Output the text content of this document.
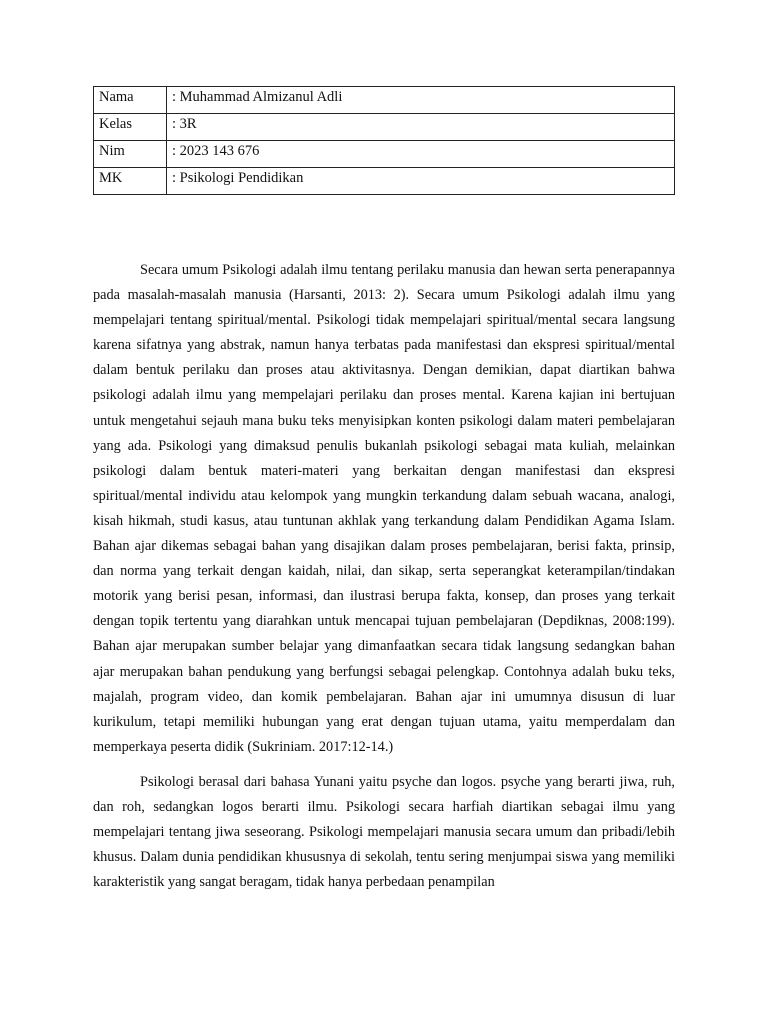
Nama	: Muhammad Almizanul Adli
Kelas	: 3R
Nim	: 2023 143 676
MK	: Psikologi Pendidikan

Secara umum Psikologi adalah ilmu tentang perilaku manusia dan hewan serta penerapannya pada masalah-masalah manusia (Harsanti, 2013: 2). Secara umum Psikologi adalah ilmu yang mempelajari tentang spiritual/mental. Psikologi tidak mempelajari spiritual/mental secara langsung karena sifatnya yang abstrak, namun hanya terbatas pada manifestasi dan ekspresi spiritual/mental dalam bentuk perilaku dan proses atau aktivitasnya. Dengan demikian, dapat diartikan bahwa psikologi adalah ilmu yang mempelajari perilaku dan proses mental. Karena kajian ini bertujuan untuk mengetahui sejauh mana buku teks menyisipkan konten psikologi dalam materi pembelajaran yang ada. Psikologi yang dimaksud penulis bukanlah psikologi sebagai mata kuliah, melainkan psikologi dalam bentuk materi-materi yang berkaitan dengan manifestasi dan ekspresi spiritual/mental individu atau kelompok yang mungkin terkandung dalam sebuah wacana, analogi, kisah hikmah, studi kasus, atau tuntunan akhlak yang terkandung dalam Pendidikan Agama Islam. Bahan ajar dikemas sebagai bahan yang disajikan dalam proses pembelajaran, berisi fakta, prinsip, dan norma yang terkait dengan kaidah, nilai, dan sikap, serta seperangkat keterampilan/tindakan motorik yang berisi pesan, informasi, dan ilustrasi berupa fakta, konsep, dan proses yang terkait dengan topik tertentu yang diarahkan untuk mencapai tujuan pembelajaran (Depdiknas, 2008:199). Bahan ajar merupakan sumber belajar yang dimanfaatkan secara tidak langsung sedangkan bahan ajar merupakan bahan pendukung yang berfungsi sebagai pelengkap. Contohnya adalah buku teks, majalah, program video, dan komik pembelajaran. Bahan ajar ini umumnya disusun di luar kurikulum, tetapi memiliki hubungan yang erat dengan tujuan utama, yaitu memperdalam dan memperkaya peserta didik (Sukriniam. 2017:12-14.)

Psikologi berasal dari bahasa Yunani yaitu psyche dan logos. psyche yang berarti jiwa, ruh, dan roh, sedangkan logos berarti ilmu. Psikologi secara harfiah diartikan sebagai ilmu yang mempelajari tentang jiwa seseorang. Psikologi mempelajari manusia secara umum dan pribadi/lebih khusus. Dalam dunia pendidikan khususnya di sekolah, tentu sering menjumpai siswa yang memiliki karakteristik yang sangat beragam, tidak hanya perbedaan penampilan
